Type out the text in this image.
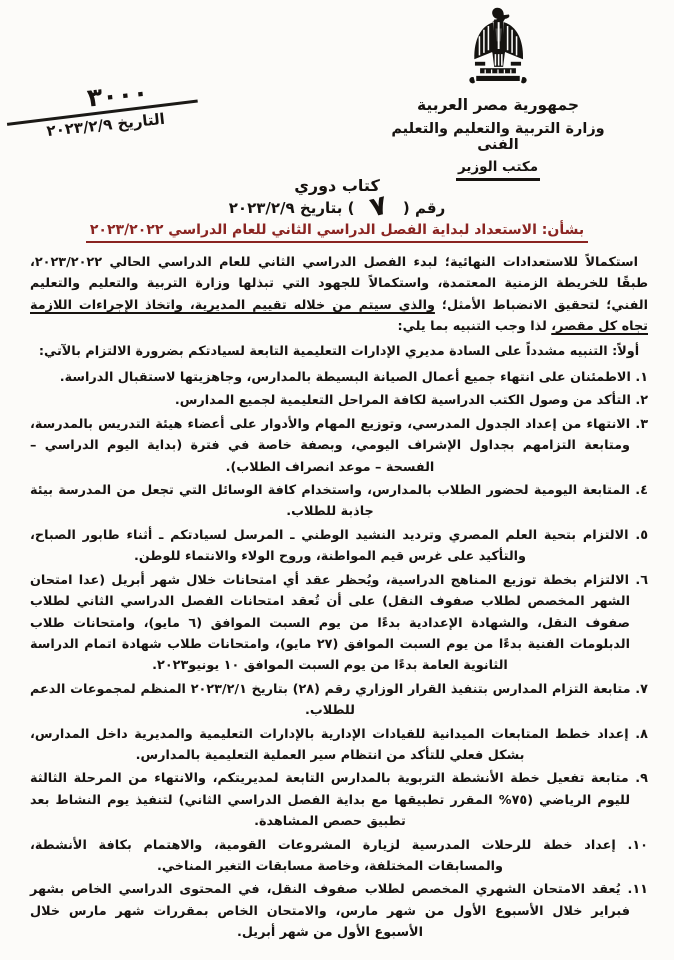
٣٠٠٠
التاريخ ٢٠٢٣/٢/٩
جمهورية مصر العربية
وزارة التربية والتعليم والتعليم الفنى
مكتب الوزير
كتاب دوري
رقم (٧) بتاريخ ٢٠٢٣/٢/٩
بشأن: الاستعداد لبداية الفصل الدراسي الثاني للعام الدراسي ٢٠٢٣/٢٠٢٢

استكمالاً للاستعدادات النهائية؛ لبدء الفصل الدراسي الثاني للعام الدراسي الحالي ٢٠٢٣/٢٠٢٢، طبقًا للخريطة الزمنية المعتمدة، واستكمالاً للجهود التي تبذلها وزارة التربية والتعليم والتعليم الفني؛ لتحقيق الانضباط الأمثل؛ والذي سيتم من خلاله تقييم المديرية، واتخاذ الإجراءات اللازمة تجاه كل مقصر، لذا وجب التنبيه بما يلي:

أولاً: التنبيه مشدداً على السادة مديري الإدارات التعليمية التابعة لسيادتكم بضرورة الالتزام بالآتي:
١. الاطمئنان على انتهاء جميع أعمال الصيانة البسيطة بالمدارس، وجاهزيتها لاستقبال الدراسة.
٢. التأكد من وصول الكتب الدراسية لكافة المراحل التعليمية لجميع المدارس.
٣. الانتهاء من إعداد الجدول المدرسي، وتوزيع المهام والأدوار على أعضاء هيئة التدريس بالمدرسة، ومتابعة التزامهم بجداول الإشراف اليومي، وبصفة خاصة في فترة (بداية اليوم الدراسي – الفسحة – موعد انصراف الطلاب).
٤. المتابعة اليومية لحضور الطلاب بالمدارس، واستخدام كافة الوسائل التي تجعل من المدرسة بيئة جاذبة للطلاب.
٥. الالتزام بتحية العلم المصري وترديد النشيد الوطني ـ المرسل لسيادتكم ـ أثناء طابور الصباح، والتأكيد على غرس قيم المواطنة، وروح الولاء والانتماء للوطن.
٦. الالتزام بخطة توزيع المناهج الدراسية، ويُحظر عقد أي امتحانات خلال شهر أبريل (عدا امتحان الشهر المخصص لطلاب صفوف النقل) على أن تُعقد امتحانات الفصل الدراسي الثاني لطلاب صفوف النقل، والشهادة الإعدادية بدءًا من يوم السبت الموافق (٦ مايو)، وامتحانات طلاب الدبلومات الفنية بدءًا من يوم السبت الموافق (٢٧ مايو)، وامتحانات طلاب شهادة اتمام الدراسة الثانوية العامة بدءًا من يوم السبت الموافق ١٠ يونيو٢٠٢٣.
٧. متابعة التزام المدارس بتنفيذ القرار الوزاري رقم (٢٨) بتاريخ ٢٠٢٣/٢/١ المنظم لمجموعات الدعم للطلاب.
٨. إعداد خطط المتابعات الميدانية للقيادات الإدارية بالإدارات التعليمية والمديرية داخل المدارس، بشكل فعلي للتأكد من انتظام سير العملية التعليمية بالمدارس.
٩. متابعة تفعيل خطة الأنشطة التربوية بالمدارس التابعة لمديريتكم، والانتهاء من المرحلة الثالثة لليوم الرياضي (٧٥% المقرر تطبيقها مع بداية الفصل الدراسي الثاني) لتنفيذ يوم النشاط بعد تطبيق حصص المشاهدة.
١٠. إعداد خطة للرحلات المدرسية لزيارة المشروعات القومية، والاهتمام بكافة الأنشطة، والمسابقات المختلفة، وخاصة مسابقات التغير المناخي.
١١. يُعقد الامتحان الشهري المخصص لطلاب صفوف النقل، في المحتوى الدراسي الخاص بشهر فبراير خلال الأسبوع الأول من شهر مارس، والامتحان الخاص بمقررات شهر مارس خلال الأسبوع الأول من شهر أبريل.
